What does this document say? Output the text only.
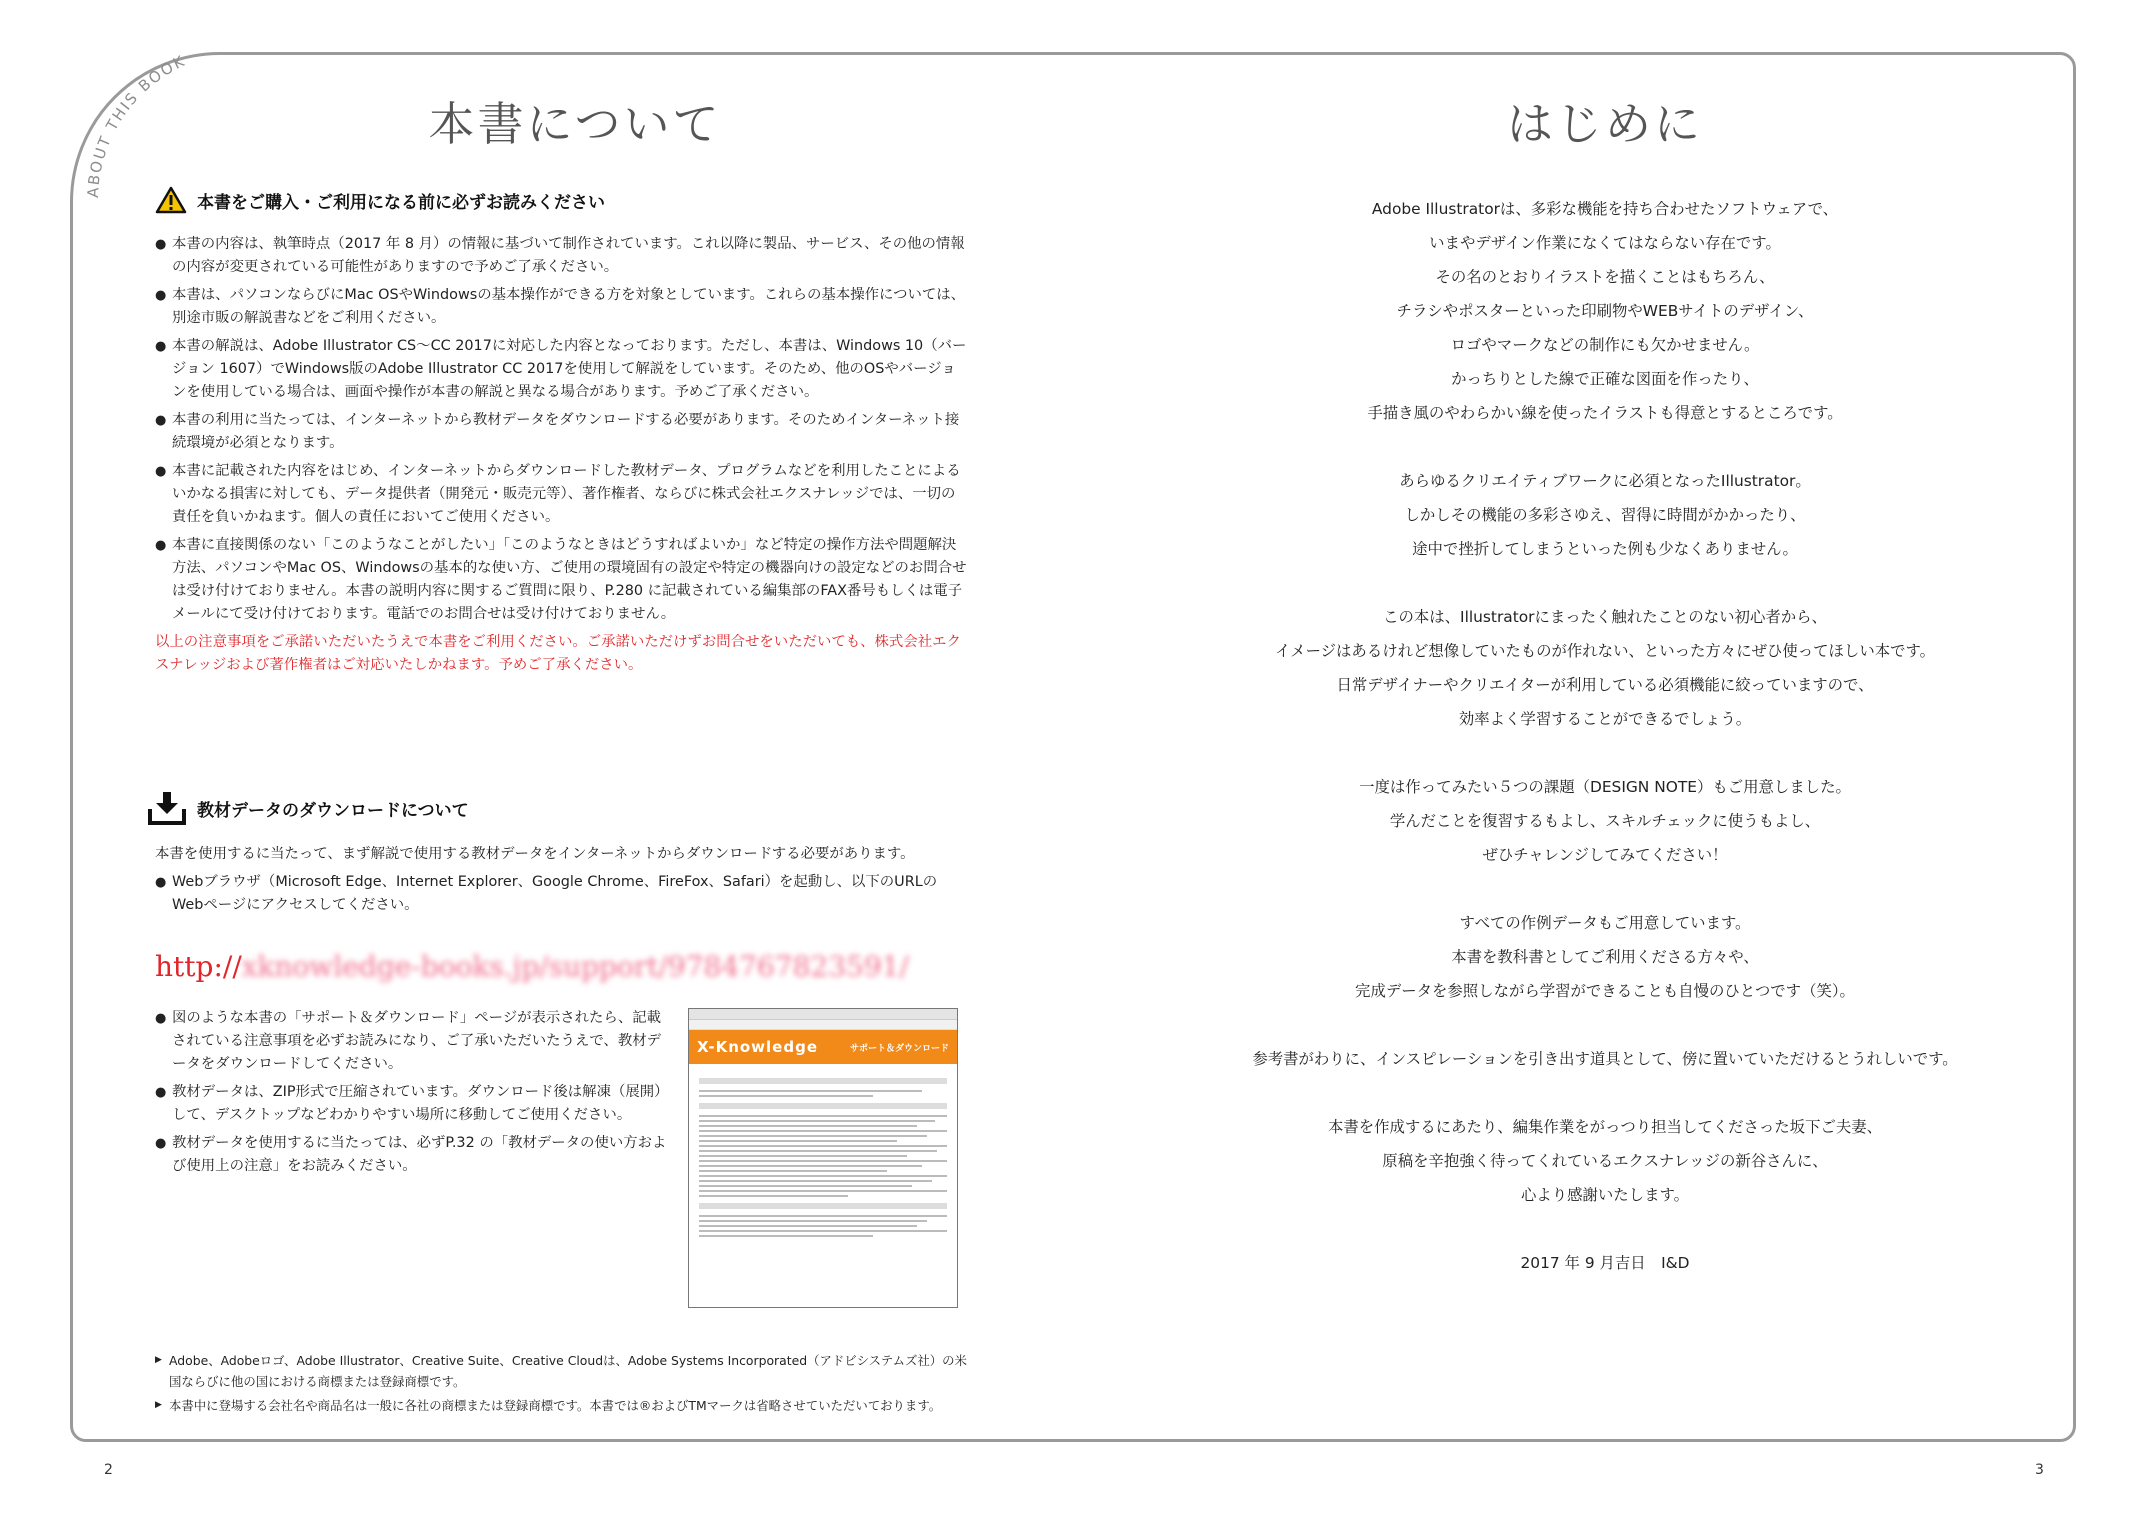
ABOUT THIS BOOK
2	3
本書について
本書をご購入・ご利用になる前に必ずお読みください
● 本書の内容は、執筆時点（2017 年 8 月）の情報に基づいて制作されています。これ以降に製品、サービス、その他の情報の内容が変更されている可能性がありますので予めご了承ください。
● 本書は、パソコンならびにMac OSやWindowsの基本操作ができる方を対象としています。これらの基本操作については、別途市販の解説書などをご利用ください。
● 本書の解説は、Adobe Illustrator CS～CC 2017に対応した内容となっております。ただし、本書は、Windows 10（バージョン 1607）でWindows版のAdobe Illustrator CC 2017を使用して解説をしています。そのため、他のOSやバージョンを使用している場合は、画面や操作が本書の解説と異なる場合があります。予めご了承ください。
● 本書の利用に当たっては、インターネットから教材データをダウンロードする必要があります。そのためインターネット接続環境が必須となります。
● 本書に記載された内容をはじめ、インターネットからダウンロードした教材データ、プログラムなどを利用したことによるいかなる損害に対しても、データ提供者（開発元・販売元等）、著作権者、ならびに株式会社エクスナレッジでは、一切の責任を負いかねます。個人の責任においてご使用ください。
● 本書に直接関係のない「このようなことがしたい」「このようなときはどうすればよいか」など特定の操作方法や問題解決方法、パソコンやMac OS、Windowsの基本的な使い方、ご使用の環境固有の設定や特定の機器向けの設定などのお問合せは受け付けておりません。本書の説明内容に関するご質問に限り、P.280 に記載されている編集部のFAX番号もしくは電子メールにて受け付けております。電話でのお問合せは受け付けておりません。
以上の注意事項をご承諾いただいたうえで本書をご利用ください。ご承諾いただけずお問合せをいただいても、株式会社エクスナレッジおよび著作権者はご対応いたしかねます。予めご了承ください。
教材データのダウンロードについて
本書を使用するに当たって、まず解説で使用する教材データをインターネットからダウンロードする必要があります。
● Webブラウザ（Microsoft Edge、Internet Explorer、Google Chrome、FireFox、Safari）を起動し、以下のURLのWebページにアクセスしてください。
http://xknowledge-books.jp/support/9784767823591/
● 図のような本書の「サポート＆ダウンロード」ページが表示されたら、記載されている注意事項を必ずお読みになり、ご了承いただいたうえで、教材データをダウンロードしてください。
● 教材データは、ZIP形式で圧縮されています。ダウンロード後は解凍（展開）して、デスクトップなどわかりやすい場所に移動してご使用ください。
● 教材データを使用するに当たっては、必ずP.32 の「教材データの使い方および使用上の注意」をお読みください。
X-Knowledge	サポート＆ダウンロード
▶ Adobe、Adobeロゴ、Adobe Illustrator、Creative Suite、Creative Cloudは、Adobe Systems Incorporated（アドビシステムズ社）の米国ならびに他の国における商標または登録商標です。
▶ 本書中に登場する会社名や商品名は一般に各社の商標または登録商標です。本書では®およびTMマークは省略させていただいております。
はじめに

Adobe Illustratorは、多彩な機能を持ち合わせたソフトウェアで、

いまやデザイン作業になくてはならない存在です。

その名のとおりイラストを描くことはもちろん、

チラシやポスターといった印刷物やWEBサイトのデザイン、

ロゴやマークなどの制作にも欠かせません。

かっちりとした線で正確な図面を作ったり、

手描き風のやわらかい線を使ったイラストも得意とするところです。

あらゆるクリエイティブワークに必須となったIllustrator。

しかしその機能の多彩さゆえ、習得に時間がかかったり、

途中で挫折してしまうといった例も少なくありません。

この本は、Illustratorにまったく触れたことのない初心者から、

イメージはあるけれど想像していたものが作れない、といった方々にぜひ使ってほしい本です。

日常デザイナーやクリエイターが利用している必須機能に絞っていますので、

効率よく学習することができるでしょう。

一度は作ってみたい５つの課題（DESIGN NOTE）もご用意しました。

学んだことを復習するもよし、スキルチェックに使うもよし、

ぜひチャレンジしてみてください！

すべての作例データもご用意しています。

本書を教科書としてご利用くださる方々や、

完成データを参照しながら学習ができることも自慢のひとつです（笑）。

参考書がわりに、インスピレーションを引き出す道具として、傍に置いていただけるとうれしいです。

本書を作成するにあたり、編集作業をがっつり担当してくださった坂下ご夫妻、

原稿を辛抱強く待ってくれているエクスナレッジの新谷さんに、

心より感謝いたします。

2017 年 9 月吉日　I&D
